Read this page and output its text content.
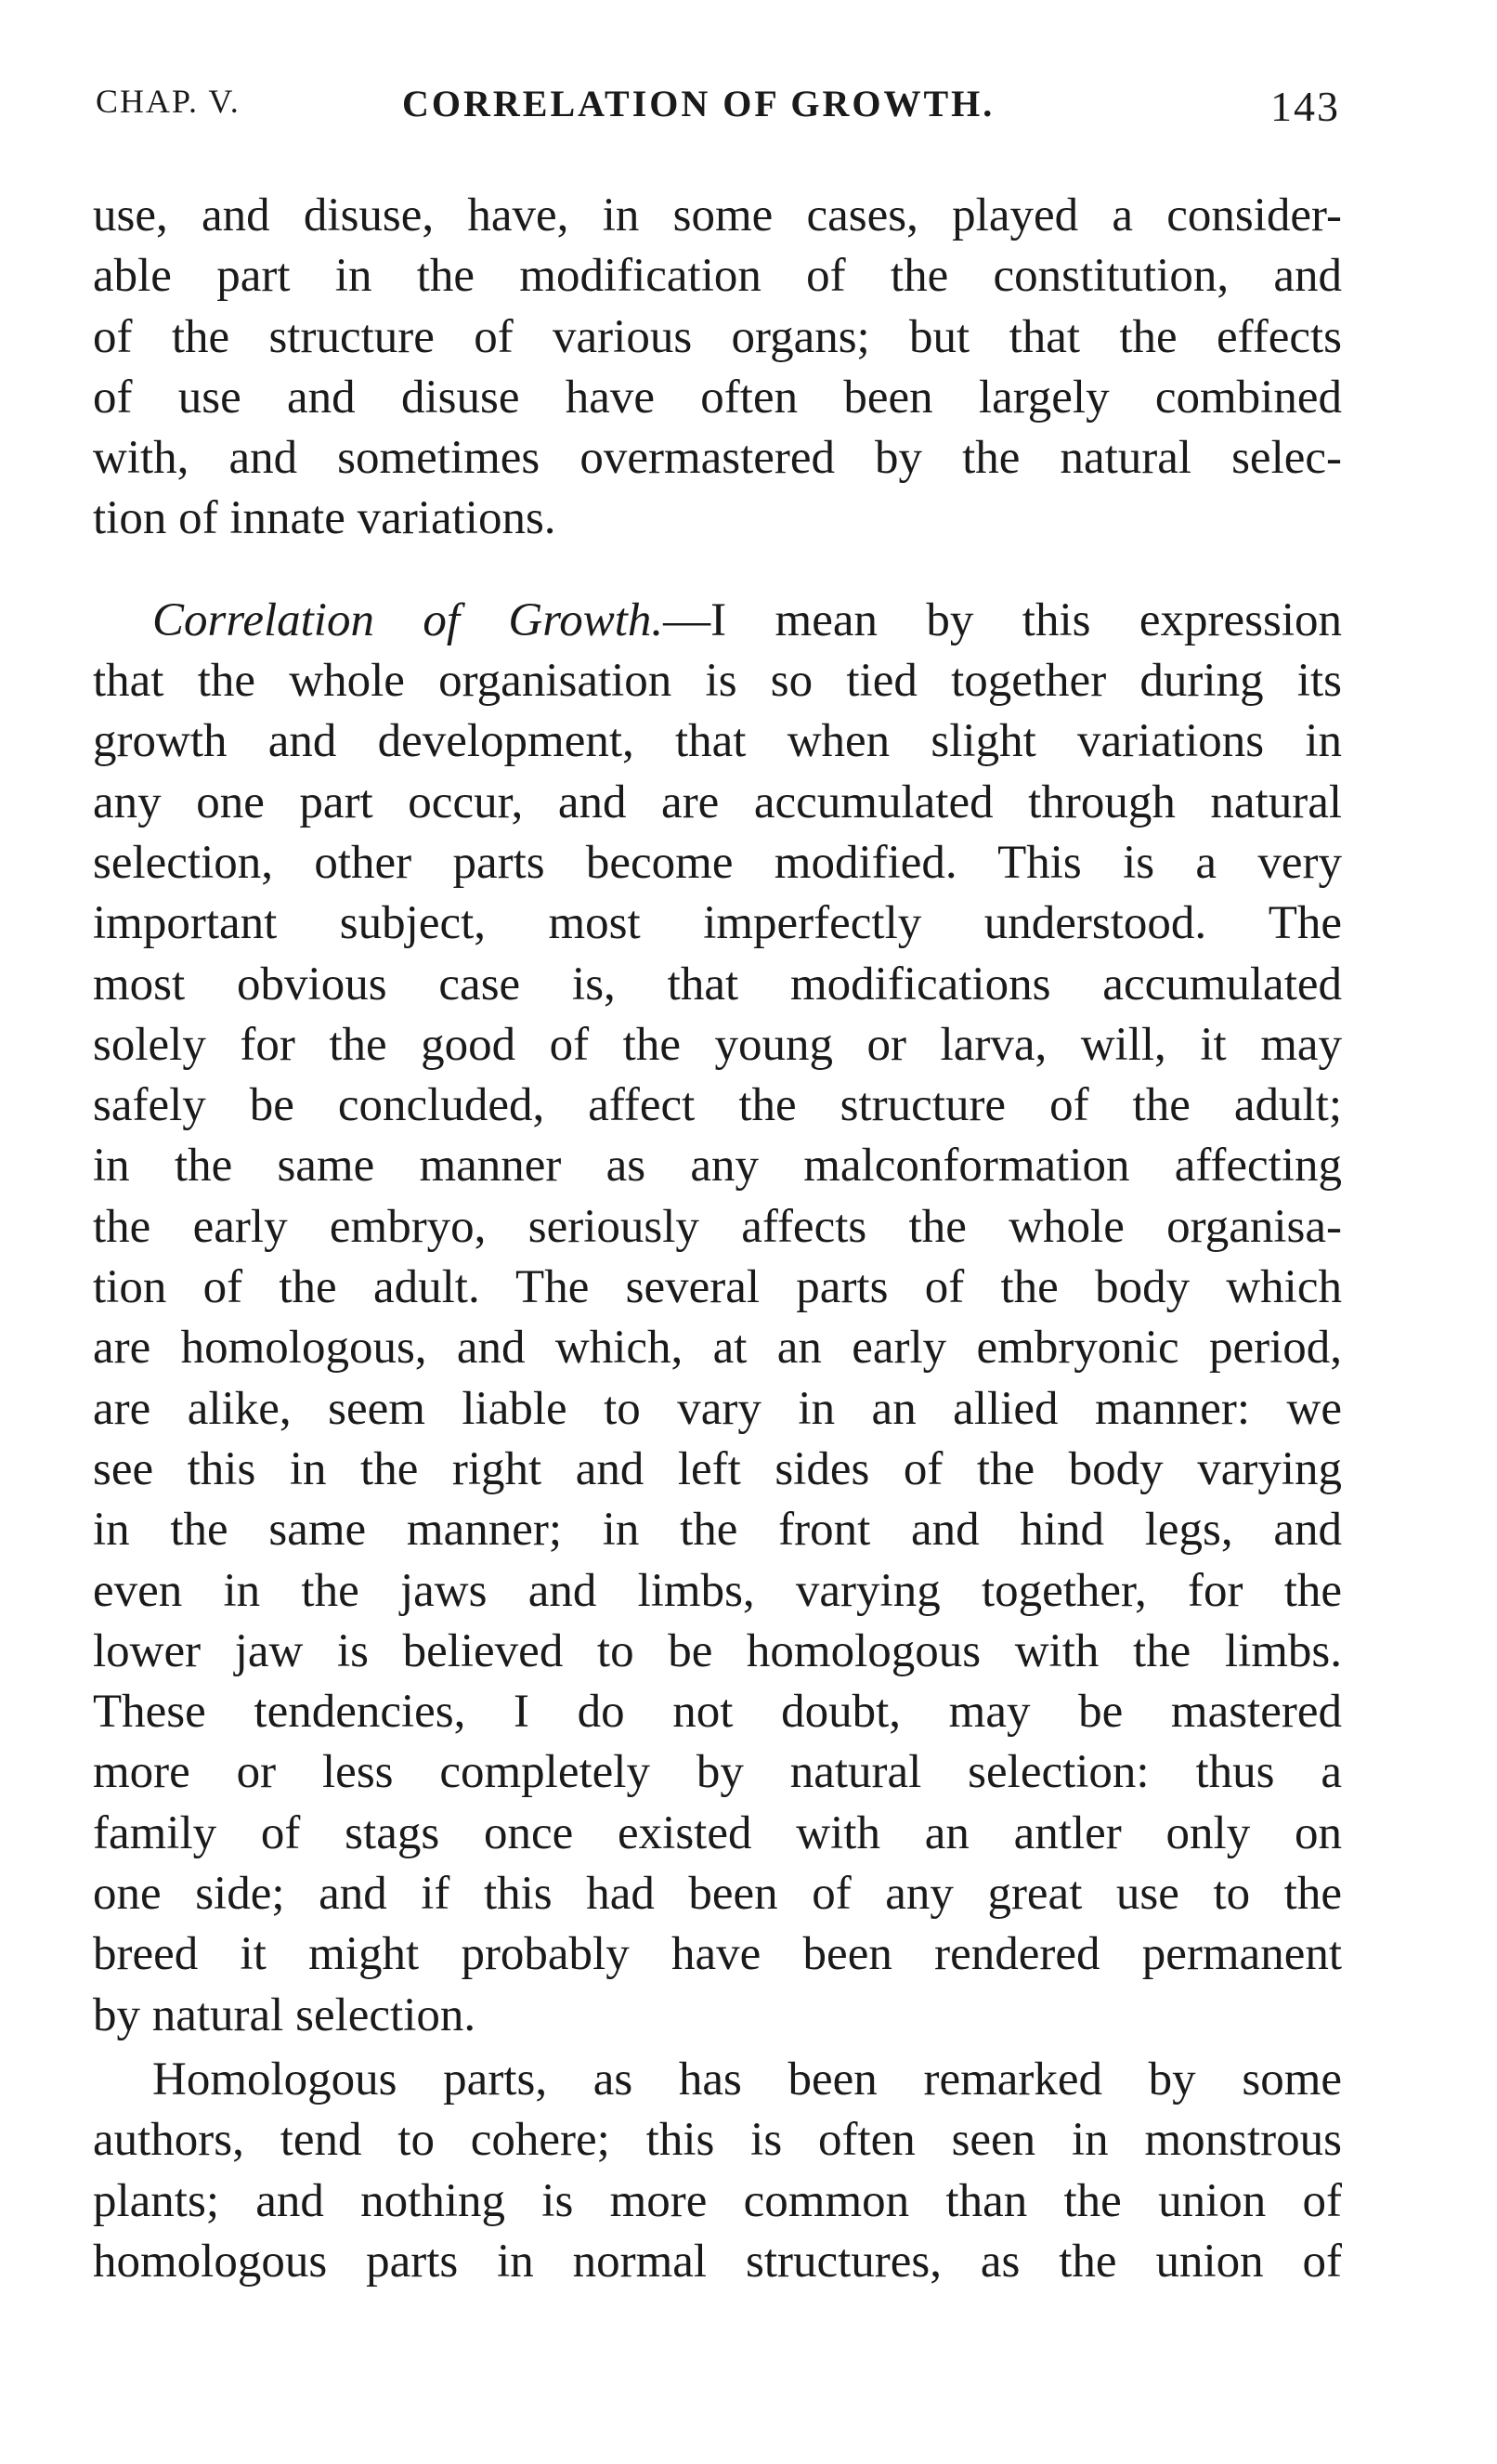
CHAP. V.	CORRELATION OF GROWTH.	143
use, and disuse, have, in some cases, played a consider-
able part in the modification of the constitution, and
of the structure of various organs; but that the effects
of use and disuse have often been largely combined
with, and sometimes overmastered by the natural selec-
tion of innate variations.
Correlation of Growth.—I mean by this expression
that the whole organisation is so tied together during its
growth and development, that when slight variations in
any one part occur, and are accumulated through natural
selection, other parts become modified. This is a very
important subject, most imperfectly understood. The
most obvious case is, that modifications accumulated
solely for the good of the young or larva, will, it may
safely be concluded, affect the structure of the adult;
in the same manner as any malconformation affecting
the early embryo, seriously affects the whole organisa-
tion of the adult. The several parts of the body which
are homologous, and which, at an early embryonic period,
are alike, seem liable to vary in an allied manner: we
see this in the right and left sides of the body varying
in the same manner; in the front and hind legs, and
even in the jaws and limbs, varying together, for the
lower jaw is believed to be homologous with the limbs.
These tendencies, I do not doubt, may be mastered
more or less completely by natural selection: thus a
family of stags once existed with an antler only on
one side; and if this had been of any great use to the
breed it might probably have been rendered permanent
by natural selection.
Homologous parts, as has been remarked by some
authors, tend to cohere; this is often seen in monstrous
plants; and nothing is more common than the union of
homologous parts in normal structures, as the union of
